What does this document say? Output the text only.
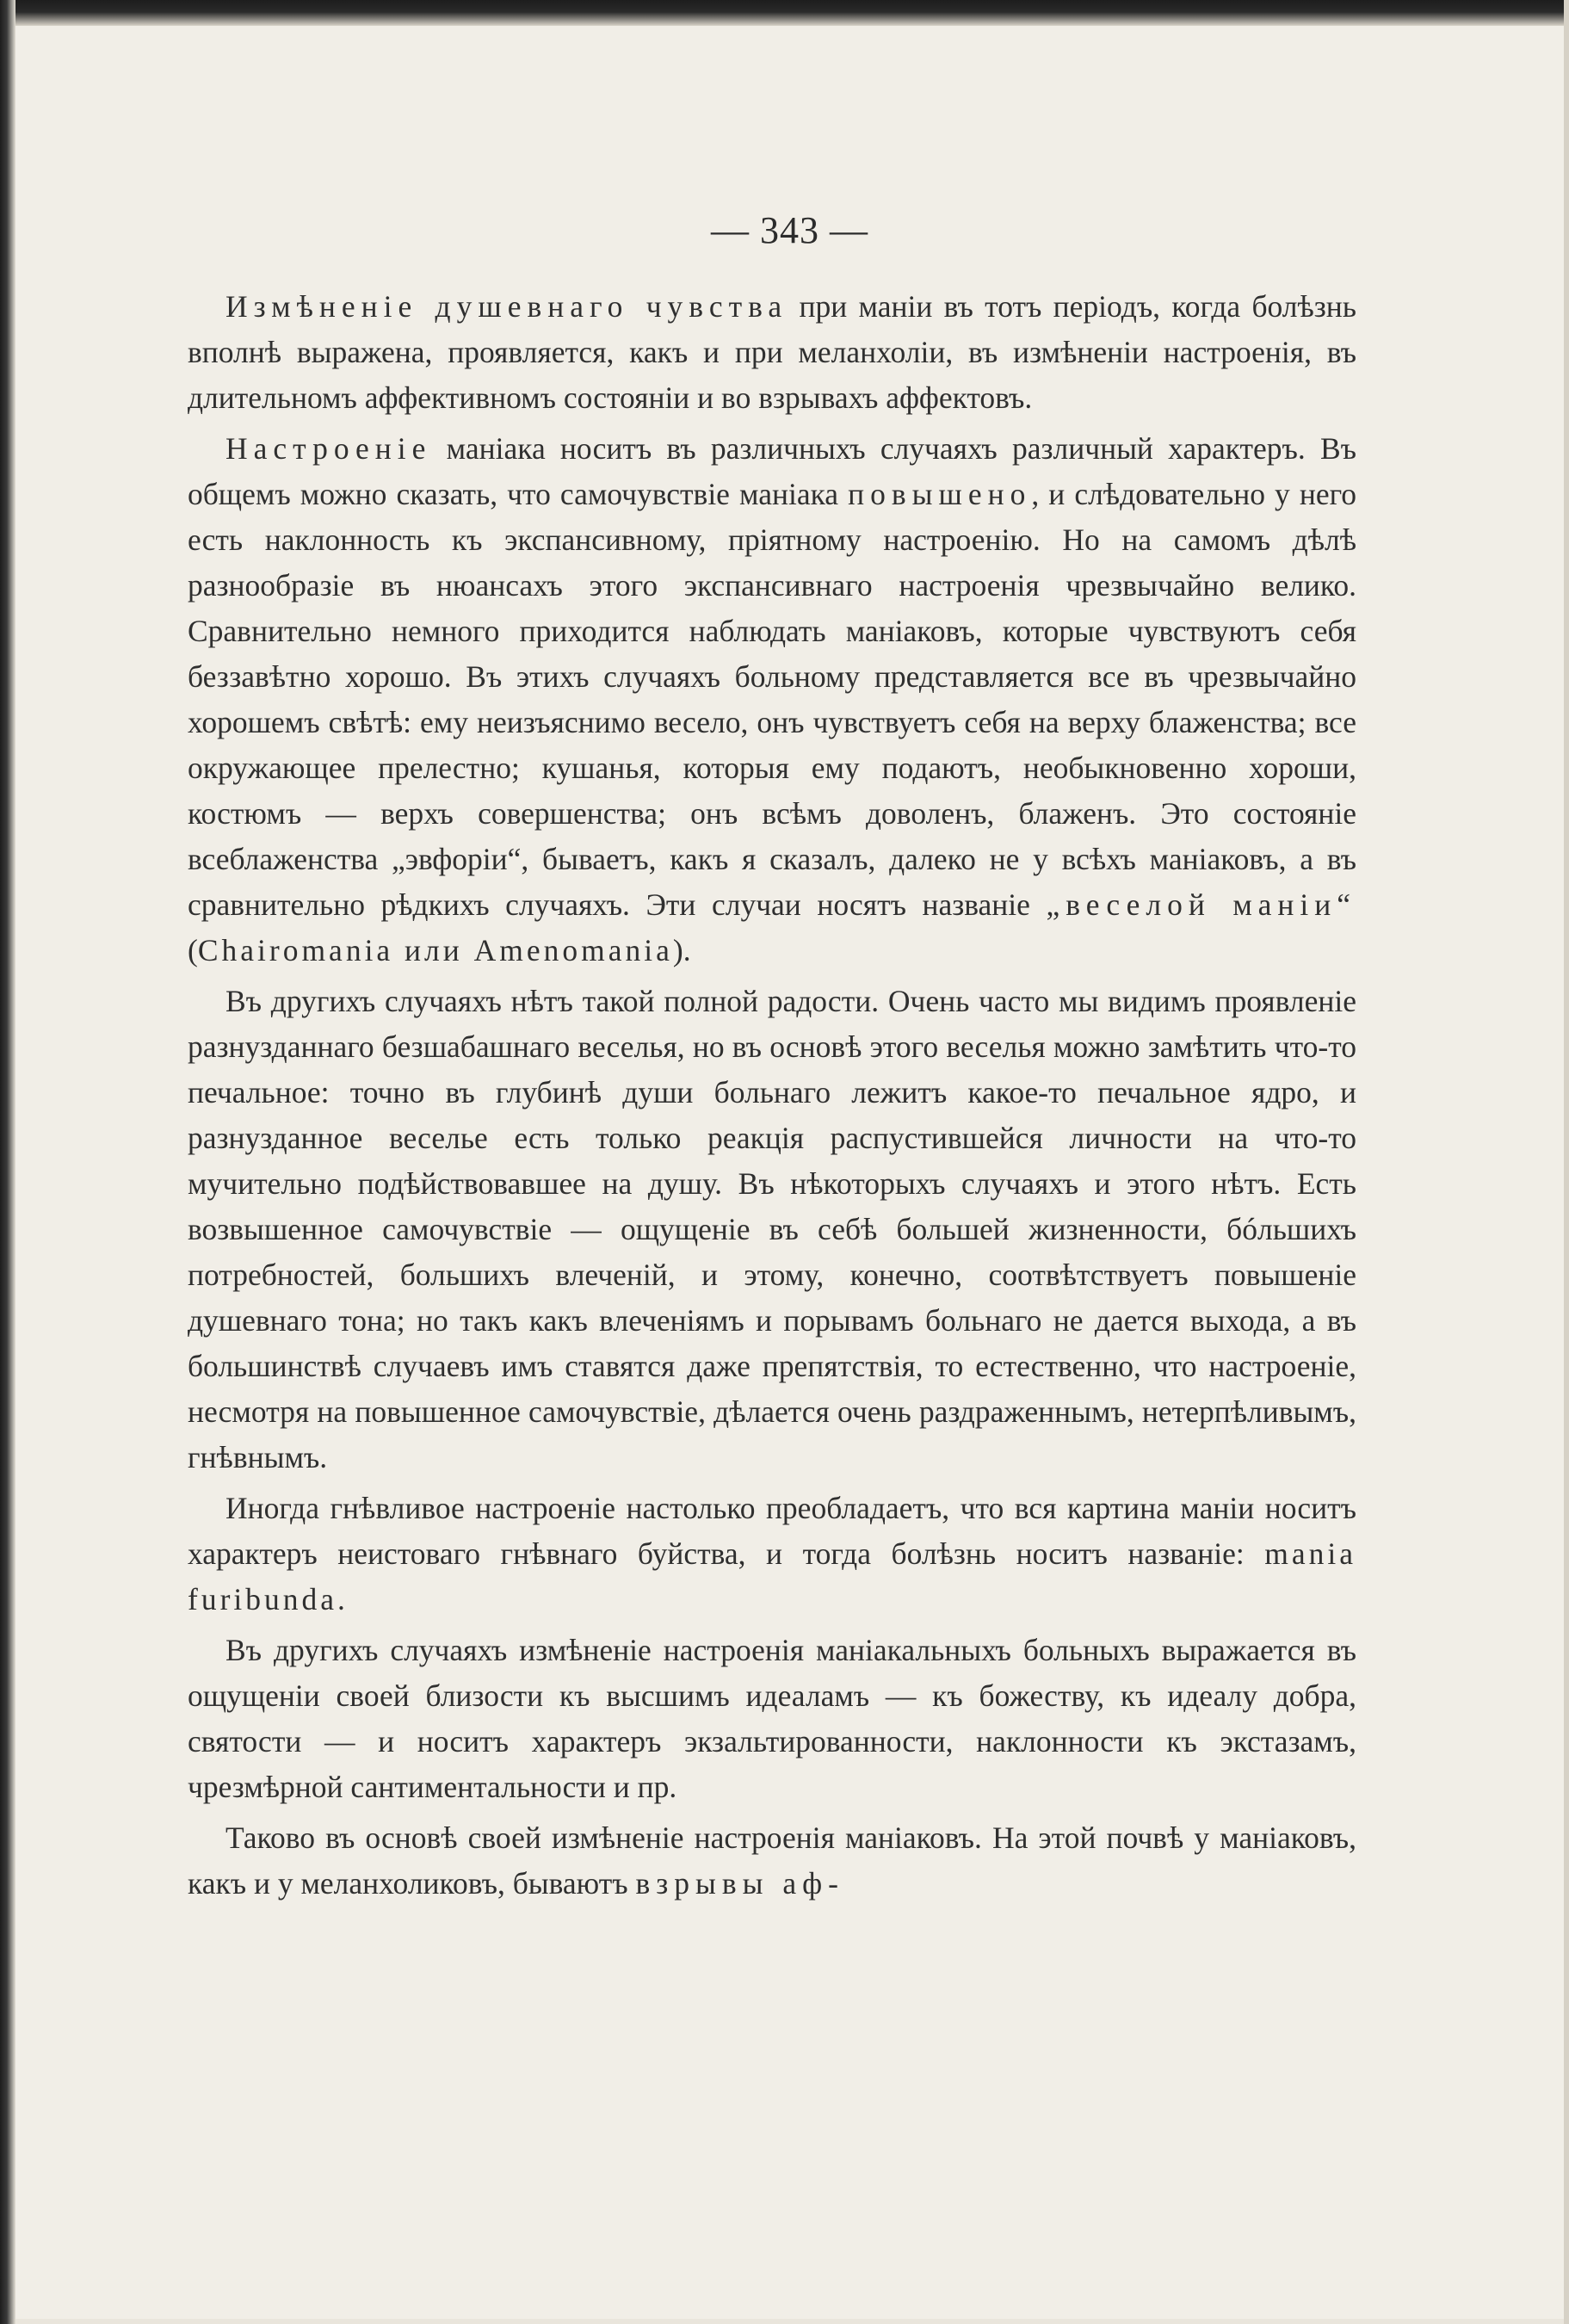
— 343 —

Измѣненіе душевнаго чувства при маніи въ тотъ періодъ, когда болѣзнь вполнѣ выражена, проявляется, какъ и при меланхоліи, въ измѣненіи настроенія, въ длительномъ аффективномъ состояніи и во взрывахъ аффектовъ.

Настроеніе маніака носитъ въ различныхъ случаяхъ различный характеръ. Въ общемъ можно сказать, что самочувствіе маніака повышено, и слѣдовательно у него есть наклонность къ экспансивному, пріятному настроенію. Но на самомъ дѣлѣ разнообразіе въ нюансахъ этого экспансивнаго настроенія чрезвычайно велико. Сравнительно немного приходится наблюдать маніаковъ, которые чувствуютъ себя беззавѣтно хорошо. Въ этихъ случаяхъ больному представляется все въ чрезвычайно хорошемъ свѣтѣ: ему неизъяснимо весело, онъ чувствуетъ себя на верху блаженства; все окружающее прелестно; кушанья, которыя ему подаютъ, необыкновенно хороши, костюмъ — верхъ совершенства; онъ всѣмъ доволенъ, блаженъ. Это состояніе всеблаженства „эвфоріи“, бываетъ, какъ я сказалъ, далеко не у всѣхъ маніаковъ, а въ сравнительно рѣдкихъ случаяхъ. Эти случаи носятъ названіе „веселой маніи“ (Chairomania или Amenomania).

Въ другихъ случаяхъ нѣтъ такой полной радости. Очень часто мы видимъ проявленіе разнузданнаго безшабашнаго веселья, но въ основѣ этого веселья можно замѣтить что-то печальное: точно въ глубинѣ души больнаго лежитъ какое-то печальное ядро, и разнузданное веселье есть только реакція распустившейся личности на что-то мучительно подѣйствовавшее на душу. Въ нѣкоторыхъ случаяхъ и этого нѣтъ. Есть возвышенное самочувствіе — ощущеніе въ себѣ большей жизненности, бóльшихъ потребностей, большихъ влеченій, и этому, конечно, соотвѣтствуетъ повышеніе душевнаго тона; но такъ какъ влеченіямъ и порывамъ больнаго не дается выхода, а въ большинствѣ случаевъ имъ ставятся даже препятствія, то естественно, что настроеніе, несмотря на повышенное самочувствіе, дѣлается очень раздраженнымъ, нетерпѣливымъ, гнѣвнымъ.

Иногда гнѣвливое настроеніе настолько преобладаетъ, что вся картина маніи носитъ характеръ неистоваго гнѣвнаго буйства, и тогда болѣзнь носитъ названіе: mania furibunda.

Въ другихъ случаяхъ измѣненіе настроенія маніакальныхъ больныхъ выражается въ ощущеніи своей близости къ высшимъ идеаламъ — къ божеству, къ идеалу добра, святости — и носитъ характеръ экзальтированности, наклонности къ экстазамъ, чрезмѣрной сантиментальности и пр.

Таково въ основѣ своей измѣненіе настроенія маніаковъ. На этой почвѣ у маніаковъ, какъ и у меланхоликовъ, бываютъ взрывы аф-
